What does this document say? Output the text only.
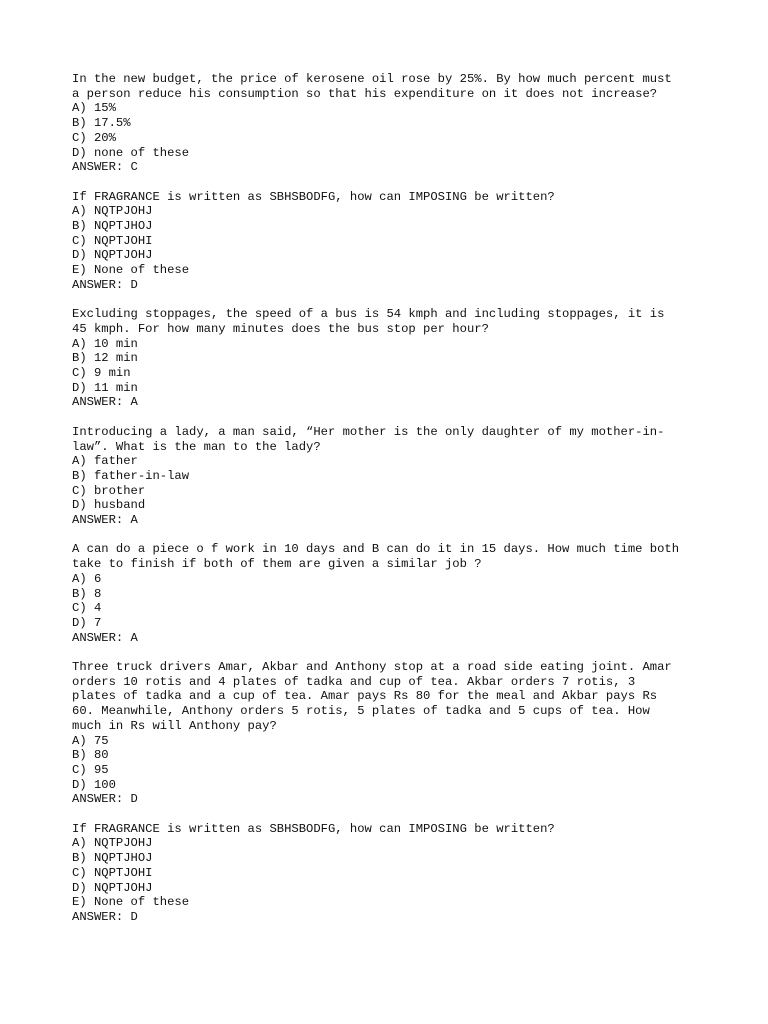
In the new budget, the price of kerosene oil rose by 25%. By how much percent must
a person reduce his consumption so that his expenditure on it does not increase?
A) 15%
B) 17.5%
C) 20%
D) none of these
ANSWER: C
If FRAGRANCE is written as SBHSBODFG, how can IMPOSING be written?
A) NQTPJOHJ
B) NQPTJHOJ
C) NQPTJOHI
D) NQPTJOHJ
E) None of these
ANSWER: D
Excluding stoppages, the speed of a bus is 54 kmph and including stoppages, it is
45 kmph. For how many minutes does the bus stop per hour?
A) 10 min
B) 12 min
C) 9 min
D) 11 min
ANSWER: A
Introducing a lady, a man said, “Her mother is the only daughter of my mother-in-
law”. What is the man to the lady?
A) father
B) father-in-law
C) brother
D) husband
ANSWER: A
A can do a piece o f work in 10 days and B can do it in 15 days. How much time both
take to finish if both of them are given a similar job ?
A) 6
B) 8
C) 4
D) 7
ANSWER: A
Three truck drivers Amar, Akbar and Anthony stop at a road side eating joint. Amar
orders 10 rotis and 4 plates of tadka and cup of tea. Akbar orders 7 rotis, 3
plates of tadka and a cup of tea. Amar pays Rs 80 for the meal and Akbar pays Rs
60. Meanwhile, Anthony orders 5 rotis, 5 plates of tadka and 5 cups of tea. How
much in Rs will Anthony pay?
A) 75
B) 80
C) 95
D) 100
ANSWER: D
If FRAGRANCE is written as SBHSBODFG, how can IMPOSING be written?
A) NQTPJOHJ
B) NQPTJHOJ
C) NQPTJOHI
D) NQPTJOHJ
E) None of these
ANSWER: D
